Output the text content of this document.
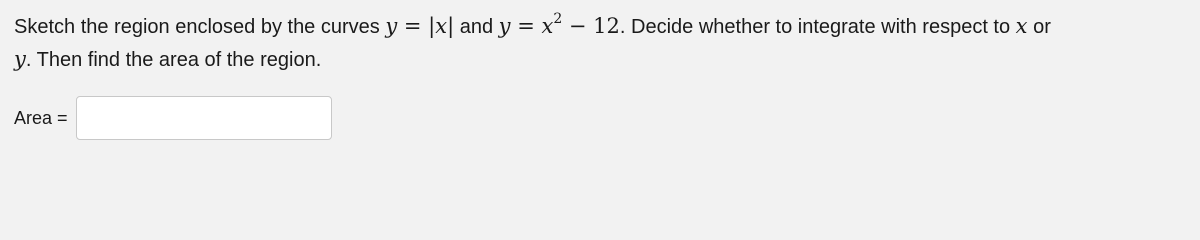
Sketch the region enclosed by the curves y = |x| and $y = x^2 - 12$. Decide whether to integrate with respect to x or
y. Then find the area of the region.
Area =
